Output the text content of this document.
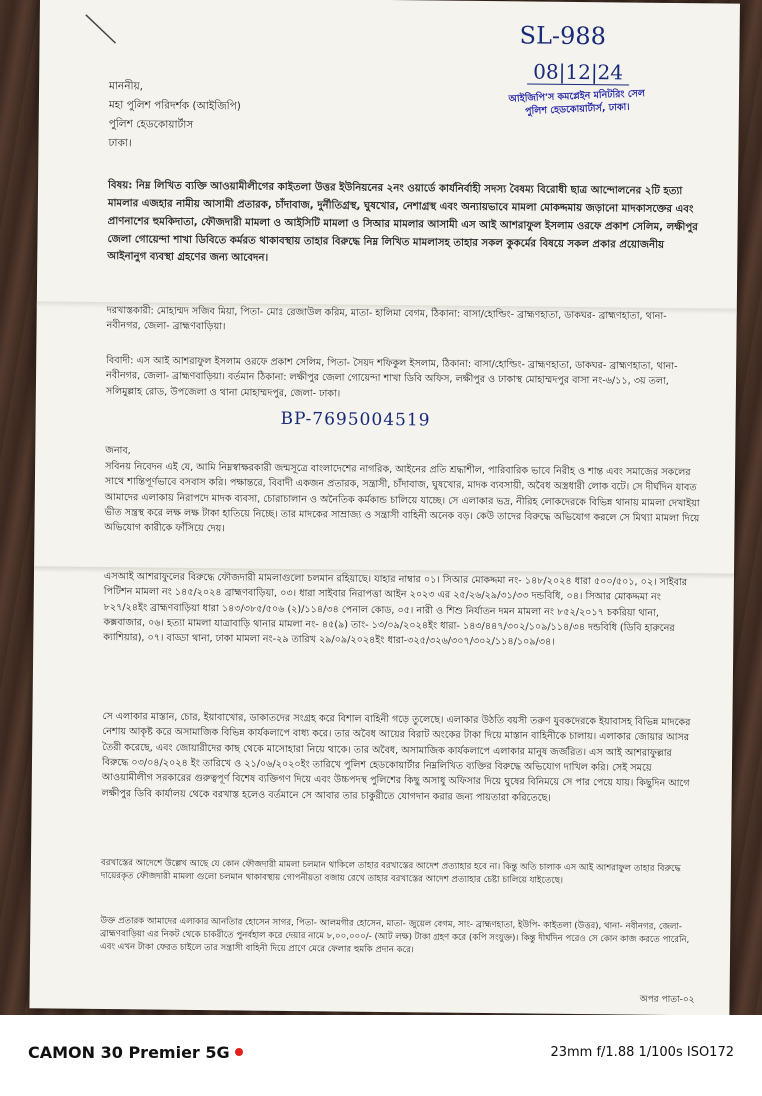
SL-988
08|12|24
আইজিপি'স কমপ্লেইন মনিটরিং সেল
পুলিশ হেডকোয়ার্টার্স, ঢাকা।
মাননীয়,
মহা পুলিশ পরিদর্শক (আইজিপি)
পুলিশ হেডকোয়ার্টাস
ঢাকা।
বিষয়: নিম্ন লিখিত ব্যক্তি আওয়ামীলীগের কাইতলা উত্তর ইউনিয়নের ২নং ওয়ার্ডে কার্যনির্বাহী সদস্য বৈষম্য বিরোধী ছাত্র আন্দোলনের ২টি হত্যা মামলার এজহার নামীয় আসামী প্রতারক, চাঁদাবাজ, দুর্নীতিগ্রস্থ, ঘুষখোর, নেশাগ্রস্থ এবং অন্যায়ভাবে মামলা মোকদ্দমায় জড়ানো মাদকাসক্তের এবং প্রাণনাশের হুমকিদাতা, ফৌজদারী মামলা ও আইসিটি মামলা ও সিআর মামলার আসামী এস আই আশরাফুল ইসলাম ওরফে প্রকাশ সেলিম, লক্ষীপুর জেলা গোয়েন্দা শাখা ডিবিতে কর্মরত থাকাবস্থায় তাহার বিরুদ্ধে নিম্ন লিখিত মামলাসহ তাহার সকল কুকর্মের বিষয়ে সকল প্রকার প্রয়োজনীয় আইনানুগ ব্যবস্থা গ্রহণের জন্য আবেদন।
দরখাস্তকারী: মোহাম্মদ সজিব মিয়া, পিতা- মোঃ রেজাউল করিম, মাতা- হালিমা বেগম, ঠিকানা: বাসা/হোল্ডিং- ব্রাহ্মণহাতা, ডাকঘর- ব্রাহ্মণহাতা, থানা- নবীনগর, জেলা- ব্রাহ্মণবাড়িয়া।
বিবাদী: এস আই আশরাফুল ইসলাম ওরফে প্রকাশ সেলিম, পিতা- সৈয়দ শফিকুল ইসলাম, ঠিকানা: বাসা/হোল্ডিং- ব্রাহ্মণহাতা, ডাকঘর- ব্রাহ্মণহাতা, থানা- নবীনগর, জেলা- ব্রাহ্মণবাড়িয়া। বর্তমান ঠিকানা: লক্ষীপুর জেলা গোয়েন্দা শাখা ডিবি অফিস, লক্ষীপুর ও ঢাকাস্থ মোহাম্মদপুর বাসা নং-৬/১১, ৩য় তলা, সলিমুল্লাহ রোড, উপজেলা ও থানা মোহাম্মদপুর, জেলা- ঢাকা।
BP-7695004519
জনাব,
সবিনয় নিবেদন এই যে, আমি নিম্নস্বাক্ষরকারী জন্মসূত্রে বাংলাদেশের নাগরিক, আইনের প্রতি শ্রদ্ধাশীল, পারিবারিক ভাবে নিরীহ ও শান্ত এবং সমাজের সকলের সাথে শান্তিপূর্ণভাবে বসবাস করি। পক্ষান্তরে, বিবাদী একজন প্রতারক, সন্ত্রাসী, চাঁদাবাজ, ঘুষখোর, মাদক ব্যবসায়ী, অবৈধ অস্ত্রধারী লোক বটে। সে দীর্ঘদিন যাবত আমাদের এলাকায় নিরাপদে মাদক ব্যবসা, চোরাচালান ও অনৈতিক কর্মকান্ড চালিয়ে যাচ্ছে। সে এলাকার ভদ্র, নীরিহ লোকদেরকে বিভিন্ন থানায় মামলা দেখাইয়া ভীত সন্ত্রস্থ করে লক্ষ লক্ষ টাকা হাতিয়ে নিচ্ছে। তার মাদকের সাম্রাজ্য ও সন্ত্রাসী বাহিনী অনেক বড়। কেউ তাদের বিরুদ্ধে অভিযোগ করলে সে মিথ্যা মামলা দিয়ে অভিযোগ কারীকে ফাঁসিয়ে দেয়।
এসআই আশরাফুলের বিরুদ্ধে ফৌজদারী মামলাগুলো চলমান রহিয়াছে। যাহার নাম্বার ০১। সিআর মোকদ্দমা নং- ১৪৮/২০২৪ ধারা ৫০০/৫০১, ০২। সাইবার পিটিশন মামলা নং ১৪৫/২০২৪ ব্রাহ্মণবাড়িয়া, ০৩। ধারা সাইবার নিরাপত্তা আইন ২০২৩ এর ২৫/২৬/২৯/৩১/৩৩ দন্ডবিধি, ০৪। সিআর মোকদ্দমা নং ৮২৭/২৪ইং ব্রাহ্মণবাড়িয়া ধারা ১৪৩/৩৮৫/৫০৬ (২)/১১৪/৩৪ পেনাল কোড, ০৫। নারী ও শিশু নির্যাতন দমন মামলা নং ৮৫২/২০১৭ চকরিয়া থানা, কক্সবাজার, ০৬। হত্যা মামলা যাত্রাবাড়ি থানার মামলা নং- ৪৫(৯) তাং- ১৩/০৯/২০২৪ইং ধারা- ১৪৩/৪৪৭/৩০২/১০৯/১১৪/৩৪ দন্ডবিধি (ডিবি হারুনের ক্যাশিয়ার), ০৭। বাড্ডা থানা, ঢাকা মামলা নং-২৯ তারিখ ২৯/০৯/২০২৪ইং ধারা-৩২৫/৩২৬/৩০৭/৩০২/১১৪/১০৯/৩৪।
সে এলাকার মাস্তান, চোর, ইয়াবাখোর, ডাকাতদের সংগ্রহ করে বিশাল বাহিনী গড়ে তুলেছে। এলাকার উঠতি বয়সী তরুণ যুবকদেরকে ইয়াবাসহ বিভিন্ন মাদকের নেশায় আকৃষ্ট করে অসামাজিক বিভিন্ন কার্যকলাপে বাধ্য করে। তার অবৈধ আয়ের বিরাট অংকের টাকা দিয়ে মাস্তান বাহিনীকে চালায়। এলাকার জোয়ার আসর তৈরী করেছে, এবং জোয়ারীদের কাছ থেকে মাসোহারা নিয়ে থাকে। তার অবৈধ, অসামাজিক কার্যকলাপে এলাকার মানুষ জর্জরিত। এস আই আশরাফুল্লার বিরুদ্ধে ০৩/০৪/২০২৪ ইং তারিখে ও ২১/০৬/২০২০ইং তারিখে পুলিশ হেডকোয়ার্টার নিম্নলিখিত ব্যক্তির বিরুদ্ধে অভিযোগ দাখিল করি। সেই সময়ে আওয়ামীলীগ সরকারের গুরুত্বপূর্ণ বিশেষ ব্যক্তিগণ দিয়ে এবং উচ্চপদস্থ পুলিশের কিছু অসাধু অফিসার দিয়ে ঘুষের বিনিময়ে সে পার পেয়ে যায়। কিছুদিন আগে লক্ষীপুর ডিবি কার্যালয় থেকে বরখাস্ত হলেও বর্তমানে সে আবার তার চাকুরীতে যোগদান করার জন্য পায়তারা করিতেছে।
বরখাস্তের আদেশে উল্লেখ আছে যে কোন ফৌজদারী মামলা চলমান থাকিলে তাহার বরখাস্তের আদেশ প্রত্যাহার হবে না। কিন্তু অতি চালাক এস আই আশরাফুল তাহার বিরুদ্ধে দায়েরকৃত ফৌজদারী মামলা গুলো চলমান থাকাবস্থায় গোপনীয়তা বজায় রেখে তাহার বরখাস্তের আদেশ প্রত্যাহার চেষ্টা চালিয়ে যাইতেছে।
উক্ত প্রতারক আমাদের এলাকার আনতাির হোসেন সাগর, পিতা- আলমগীর হোসেন, মাতা- জুয়েল বেগম, সাং- ব্রাহ্মণহাতা, ইউপি- কাইতলা (উত্তর), থানা- নবীনগর, জেলা- ব্রাহ্মণবাড়িয়া এর নিকট থেকে চাকরীতে পুনর্বহাল করে দেয়ার নামে ৮,০০,০০০/- (আট লক্ষ) টাকা গ্রহণ করে (কপি সংযুক্ত)। কিন্তু দীর্ঘদিন পরেও সে কোন কাজ করতে পারেনি, এবং এখন টাকা ফেরত চাইলে তার সন্ত্রাসী বাহিনী দিয়ে প্রাণে মেরে ফেলার হুমকি প্রদান করে।
অপর পাতা-০২
CAMON 30 Premier 5G	23mm f/1.88 1/100s ISO172
